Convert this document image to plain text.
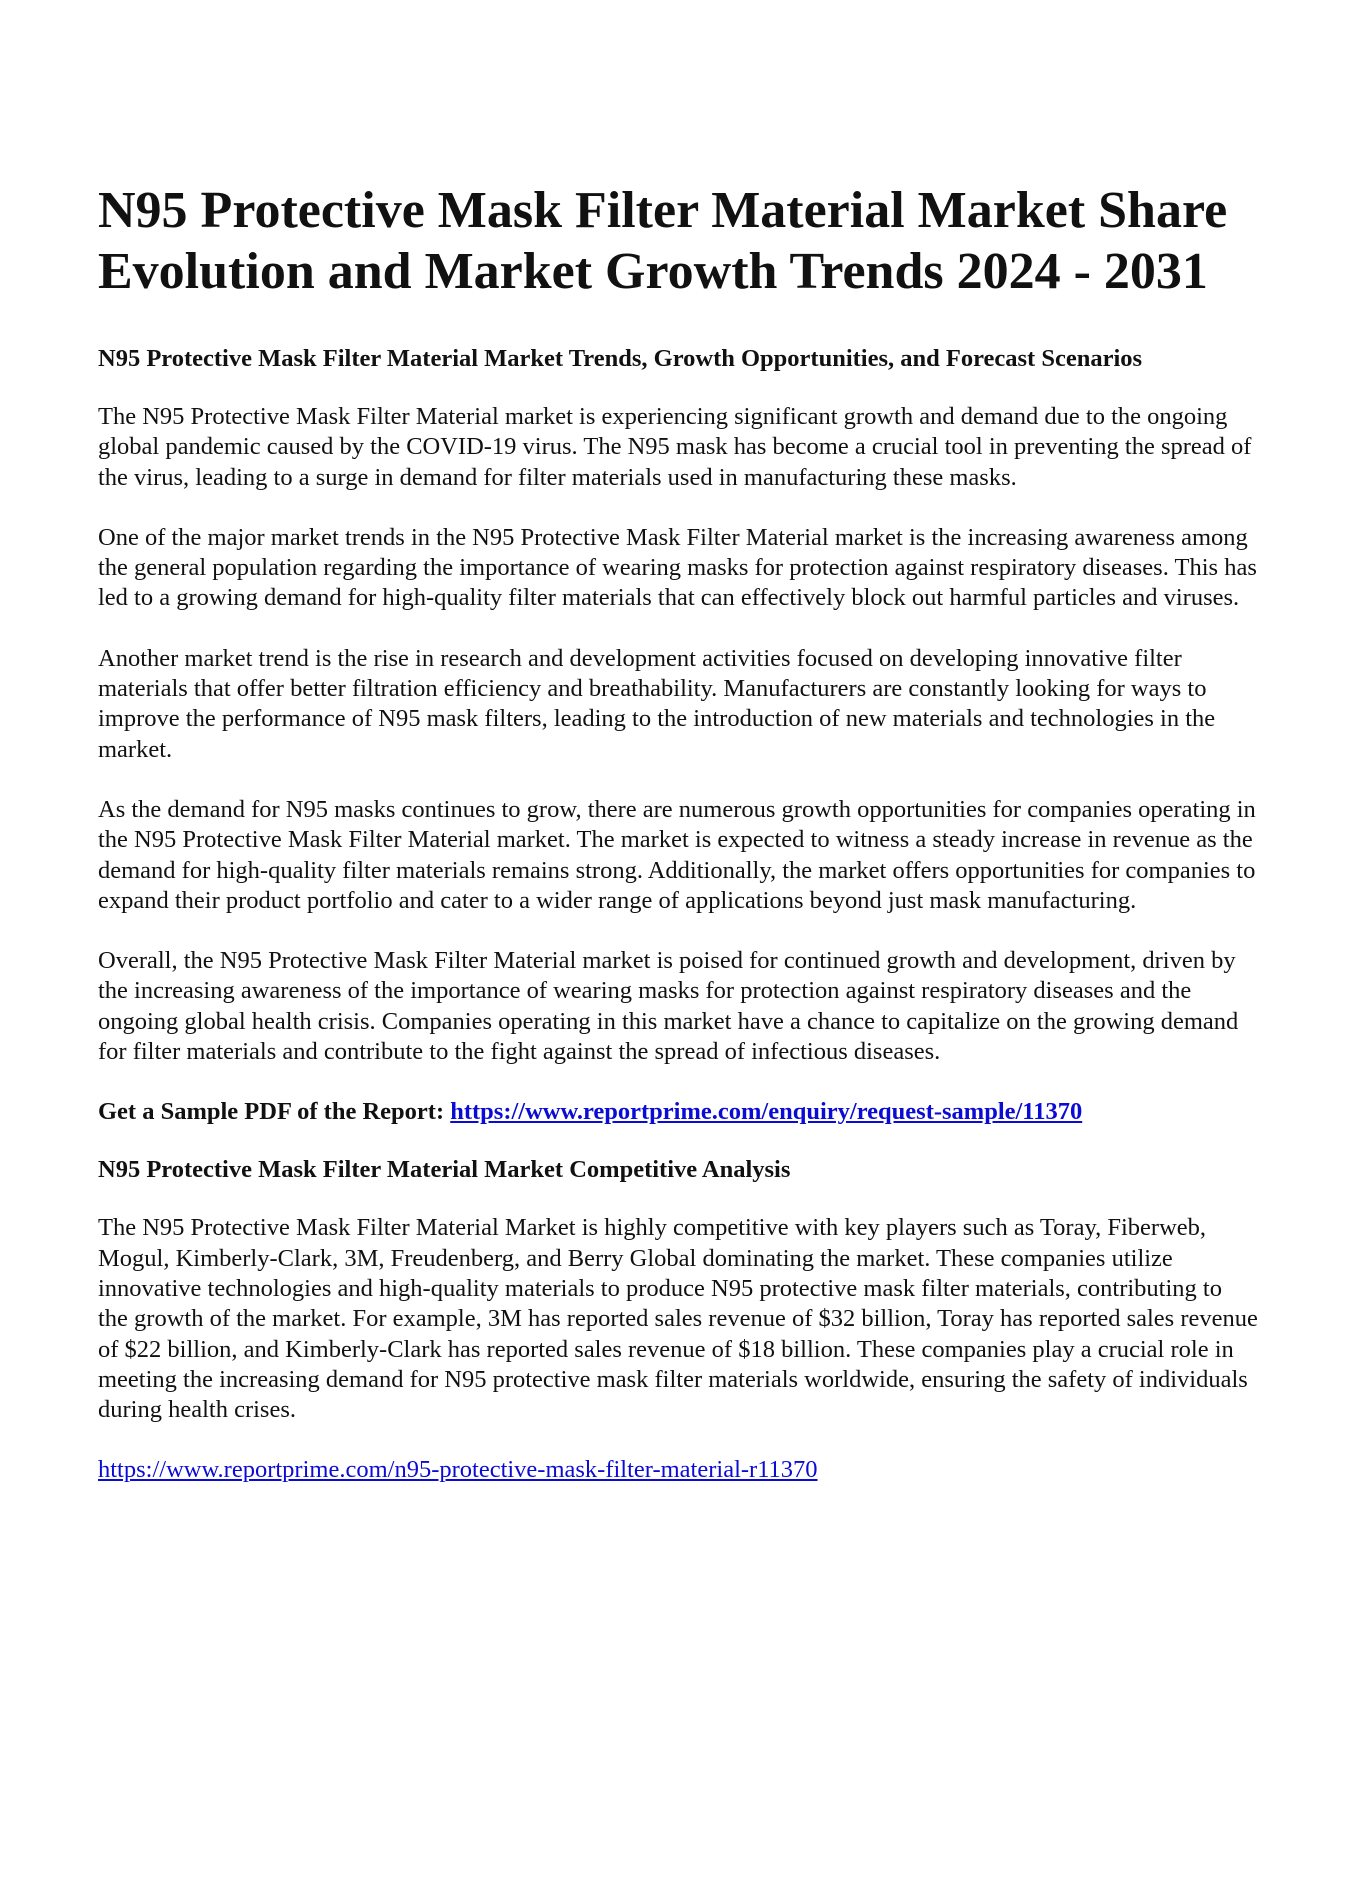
N95 Protective Mask Filter Material Market Share Evolution and Market Growth Trends 2024 - 2031
N95 Protective Mask Filter Material Market Trends, Growth Opportunities, and Forecast Scenarios

The N95 Protective Mask Filter Material market is experiencing significant growth and demand due to the ongoing global pandemic caused by the COVID-19 virus. The N95 mask has become a crucial tool in preventing the spread of the virus, leading to a surge in demand for filter materials used in manufacturing these masks.

One of the major market trends in the N95 Protective Mask Filter Material market is the increasing awareness among the general population regarding the importance of wearing masks for protection against respiratory diseases. This has led to a growing demand for high-quality filter materials that can effectively block out harmful particles and viruses.

Another market trend is the rise in research and development activities focused on developing innovative filter materials that offer better filtration efficiency and breathability. Manufacturers are constantly looking for ways to improve the performance of N95 mask filters, leading to the introduction of new materials and technologies in the market.

As the demand for N95 masks continues to grow, there are numerous growth opportunities for companies operating in the N95 Protective Mask Filter Material market. The market is expected to witness a steady increase in revenue as the demand for high-quality filter materials remains strong. Additionally, the market offers opportunities for companies to expand their product portfolio and cater to a wider range of applications beyond just mask manufacturing.

Overall, the N95 Protective Mask Filter Material market is poised for continued growth and development, driven by the increasing awareness of the importance of wearing masks for protection against respiratory diseases and the ongoing global health crisis. Companies operating in this market have a chance to capitalize on the growing demand for filter materials and contribute to the fight against the spread of infectious diseases.

Get a Sample PDF of the Report: https://www.reportprime.com/enquiry/request-sample/11370

N95 Protective Mask Filter Material Market Competitive Analysis

The N95 Protective Mask Filter Material Market is highly competitive with key players such as Toray, Fiberweb, Mogul, Kimberly-Clark, 3M, Freudenberg, and Berry Global dominating the market. These companies utilize innovative technologies and high-quality materials to produce N95 protective mask filter materials, contributing to the growth of the market. For example, 3M has reported sales revenue of $32 billion, Toray has reported sales revenue of $22 billion, and Kimberly-Clark has reported sales revenue of $18 billion. These companies play a crucial role in meeting the increasing demand for N95 protective mask filter materials worldwide, ensuring the safety of individuals during health crises.

https://www.reportprime.com/n95-protective-mask-filter-material-r11370
